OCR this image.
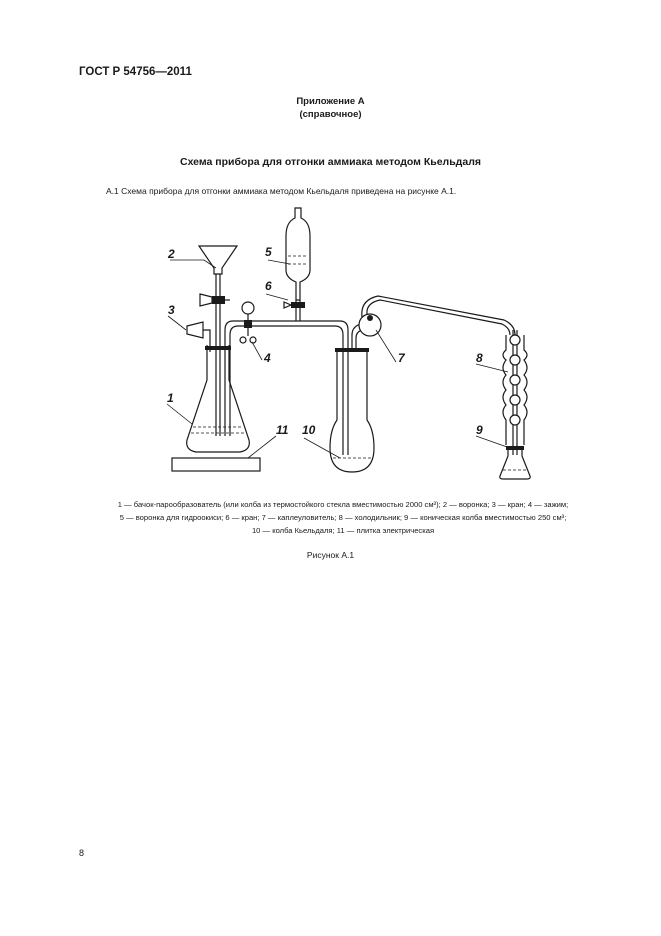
ГОСТ Р 54756—2011
Приложение А
(справочное)
Схема прибора для отгонки аммиака методом Кьельдаля
А.1 Схема прибора для отгонки аммиака методом Кьельдаля приведена на рисунке А.1.
2
3
1
5
6
4	7	8
9
10
11
1 — бачок-парообразователь (или колба из термостойкого стекла вместимостью 2000 см³); 2 — воронка; 3 — кран; 4 — зажим;
5 — воронка для гидроокиси; 6 — кран; 7 — каплеуловитель; 8 — холодильник; 9 — коническая колба вместимостью 250 см³;
10 — колба Кьельдаля; 11 — плитка электрическая
Рисунок А.1
8
